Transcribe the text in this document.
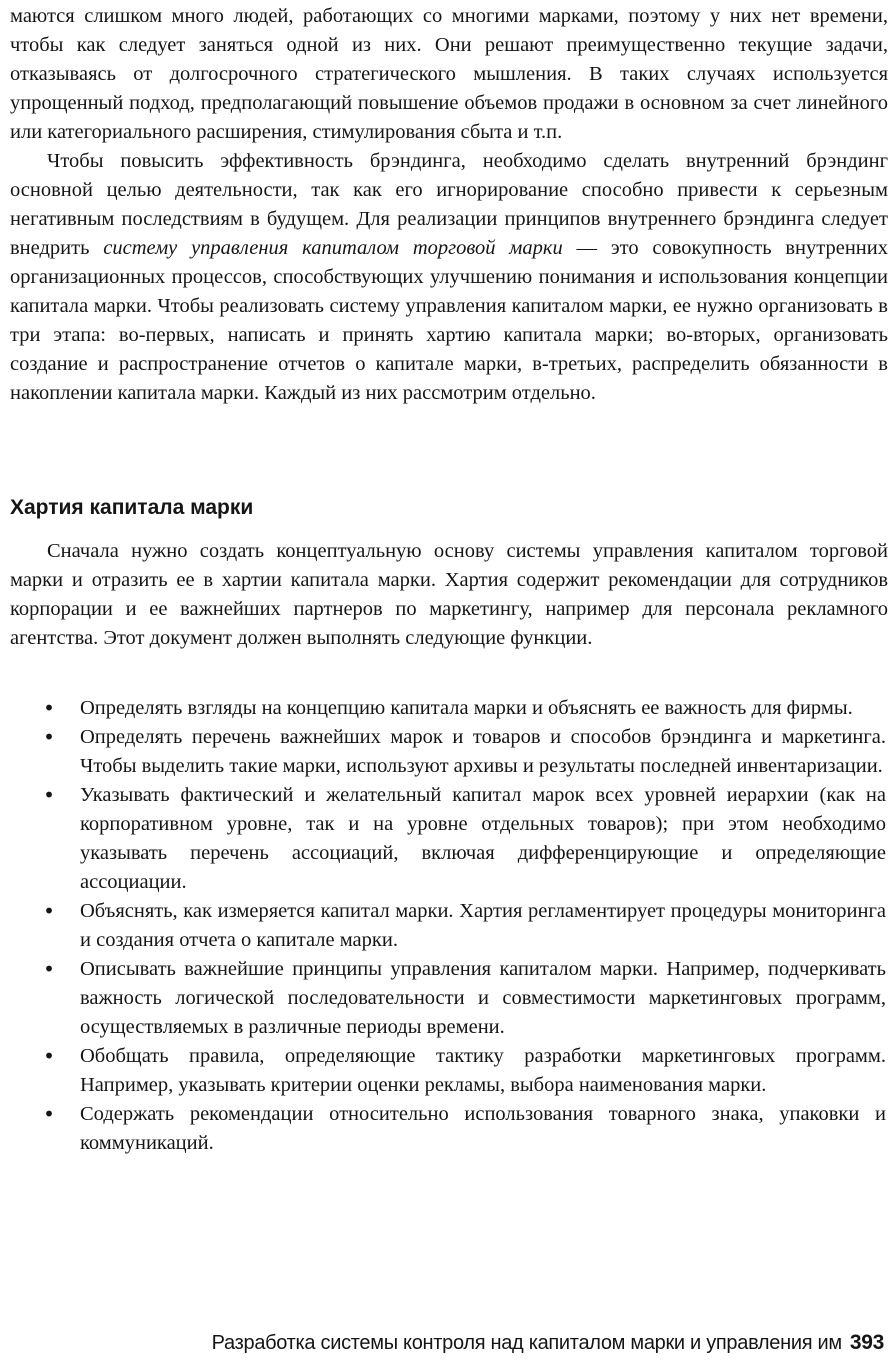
маются слишком много людей, работающих со многими марками, поэтому у них нет времени, чтобы как следует заняться одной из них. Они решают преимущественно текущие задачи, отказываясь от долгосрочного стратегического мышления. В таких случаях используется упрощенный подход, предполагающий повышение объемов продажи в основном за счет линейного или категориального расширения, стимулирования сбыта и т.п.

Чтобы повысить эффективность брэндинга, необходимо сделать внутренний брэндинг основной целью деятельности, так как его игнорирование способно привести к серьезным негативным последствиям в будущем. Для реализации принципов внутреннего брэндинга следует внедрить систему управления капиталом торговой марки — это совокупность внутренних организационных процессов, способствующих улучшению понимания и использования концепции капитала марки. Чтобы реализовать систему управления капиталом марки, ее нужно организовать в три этапа: во-первых, написать и принять хартию капитала марки; во-вторых, организовать создание и распространение отчетов о капитале марки, в-третьих, распределить обязанности в накоплении капитала марки. Каждый из них рассмотрим отдельно.

Хартия капитала марки

Сначала нужно создать концептуальную основу системы управления капиталом торговой марки и отразить ее в хартии капитала марки. Хартия содержит рекомендации для сотрудников корпорации и ее важнейших партнеров по маркетингу, например для персонала рекламного агентства. Этот документ должен выполнять следующие функции.

• Определять взгляды на концепцию капитала марки и объяснять ее важность для фирмы.
• Определять перечень важнейших марок и товаров и способов брэндинга и маркетинга. Чтобы выделить такие марки, используют архивы и результаты последней инвентаризации.
• Указывать фактический и желательный капитал марок всех уровней иерархии (как на корпоративном уровне, так и на уровне отдельных товаров); при этом необходимо указывать перечень ассоциаций, включая дифференцирующие и определяющие ассоциации.
• Объяснять, как измеряется капитал марки. Хартия регламентирует процедуры мониторинга и создания отчета о капитале марки.
• Описывать важнейшие принципы управления капиталом марки. Например, подчеркивать важность логической последовательности и совместимости маркетинговых программ, осуществляемых в различные периоды времени.
• Обобщать правила, определяющие тактику разработки маркетинговых программ. Например, указывать критерии оценки рекламы, выбора наименования марки.
• Содержать рекомендации относительно использования товарного знака, упаковки и коммуникаций.
Разработка системы контроля над капиталом марки и управления им 393
